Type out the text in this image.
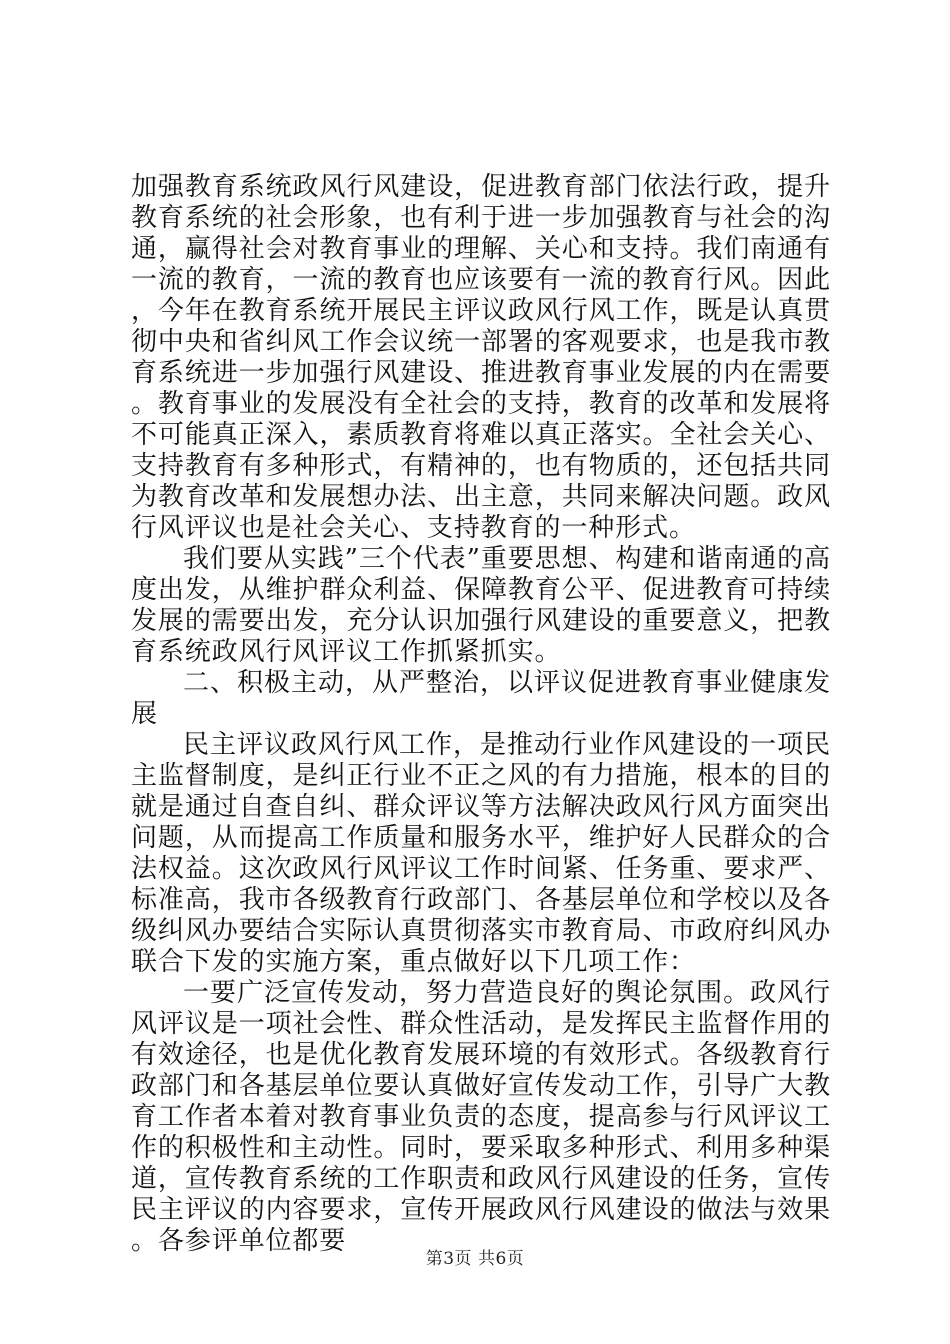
加强教育系统政风行风建设，促进教育部门依法行政，提升教育系统的社会形象，也有利于进一步加强教育与社会的沟通，赢得社会对教育事业的理解、关心和支持。我们南通有一流的教育，一流的教育也应该要有一流的教育行风。因此，今年在教育系统开展民主评议政风行风工作，既是认真贯彻中央和省纠风工作会议统一部署的客观要求，也是我市教育系统进一步加强行风建设、推进教育事业发展的内在需要。教育事业的发展没有全社会的支持，教育的改革和发展将不可能真正深入，素质教育将难以真正落实。全社会关心、支持教育有多种形式，有精神的，也有物质的，还包括共同为教育改革和发展想办法、出主意，共同来解决问题。政风行风评议也是社会关心、支持教育的一种形式。

我们要从实践”三个代表”重要思想、构建和谐南通的高度出发，从维护群众利益、保障教育公平、促进教育可持续发展的需要出发，充分认识加强行风建设的重要意义，把教育系统政风行风评议工作抓紧抓实。

二、积极主动，从严整治，以评议促进教育事业健康发展

民主评议政风行风工作，是推动行业作风建设的一项民主监督制度，是纠正行业不正之风的有力措施，根本的目的就是通过自查自纠、群众评议等方法解决政风行风方面突出问题，从而提高工作质量和服务水平，维护好人民群众的合法权益。这次政风行风评议工作时间紧、任务重、要求严、标准高，我市各级教育行政部门、各基层单位和学校以及各级纠风办要结合实际认真贯彻落实市教育局、市政府纠风办联合下发的实施方案，重点做好以下几项工作：

一要广泛宣传发动，努力营造良好的舆论氛围。政风行风评议是一项社会性、群众性活动，是发挥民主监督作用的有效途径，也是优化教育发展环境的有效形式。各级教育行政部门和各基层单位要认真做好宣传发动工作，引导广大教育工作者本着对教育事业负责的态度，提高参与行风评议工作的积极性和主动性。同时，要采取多种形式、利用多种渠道，宣传教育系统的工作职责和政风行风建设的任务，宣传民主评议的内容要求，宣传开展政风行风建设的做法与效果。各参评单位都要

第3页 共6页
